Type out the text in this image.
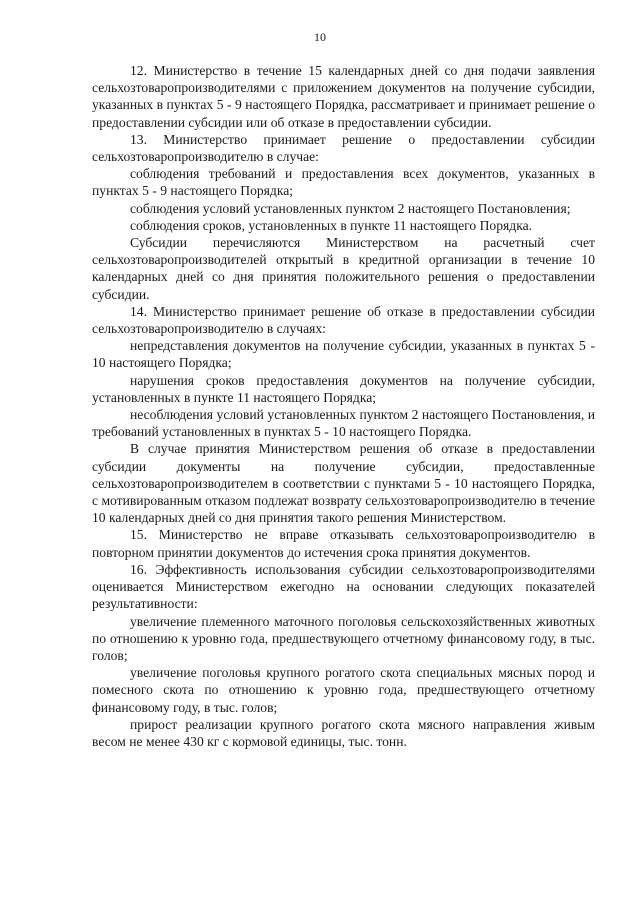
10

12. Министерство в течение 15 календарных дней со дня подачи заявления сельхозтоваропроизводителями с приложением документов на получение субсидии, указанных в пунктах 5 - 9 настоящего Порядка, рассматривает и принимает решение о предоставлении субсидии или об отказе в предоставлении субсидии.

13. Министерство принимает решение о предоставлении субсидии сельхозтоваропроизводителю в случае:

соблюдения требований и предоставления всех документов, указанных в пунктах 5 - 9 настоящего Порядка;

соблюдения условий установленных пунктом 2 настоящего Постановления;

соблюдения сроков, установленных в пункте 11 настоящего Порядка.

Субсидии перечисляются Министерством на расчетный счет сельхозтоваропроизводителей открытый в кредитной организации в течение 10 календарных дней со дня принятия положительного решения о предоставлении субсидии.

14. Министерство принимает решение об отказе в предоставлении субсидии сельхозтоваропроизводителю в случаях:

непредставления документов на получение субсидии, указанных в пунктах 5 - 10 настоящего Порядка;

нарушения сроков предоставления документов на получение субсидии, установленных в пункте 11 настоящего Порядка;

несоблюдения условий установленных пунктом 2 настоящего Постановления, и требований установленных в пунктах 5 - 10 настоящего Порядка.

В случае принятия Министерством решения об отказе в предоставлении субсидии документы на получение субсидии, предоставленные сельхозтоваропроизводителем в соответствии с пунктами 5 - 10 настоящего Порядка, с мотивированным отказом подлежат возврату сельхозтоваропроизводителю в течение 10 календарных дней со дня принятия такого решения Министерством.

15. Министерство не вправе отказывать сельхозтоваропроизводителю в повторном принятии документов до истечения срока принятия документов.

16. Эффективность использования субсидии сельхозтоваропроизводителями оценивается Министерством ежегодно на основании следующих показателей результативности:

увеличение племенного маточного поголовья сельскохозяйственных животных по отношению к уровню года, предшествующего отчетному финансовому году, в тыс. голов;

увеличение поголовья крупного рогатого скота специальных мясных пород и помесного скота по отношению к уровню года, предшествующего отчетному финансовому году, в тыс. голов;

прирост реализации крупного рогатого скота мясного направления живым весом не менее 430 кг с кормовой единицы, тыс. тонн.
